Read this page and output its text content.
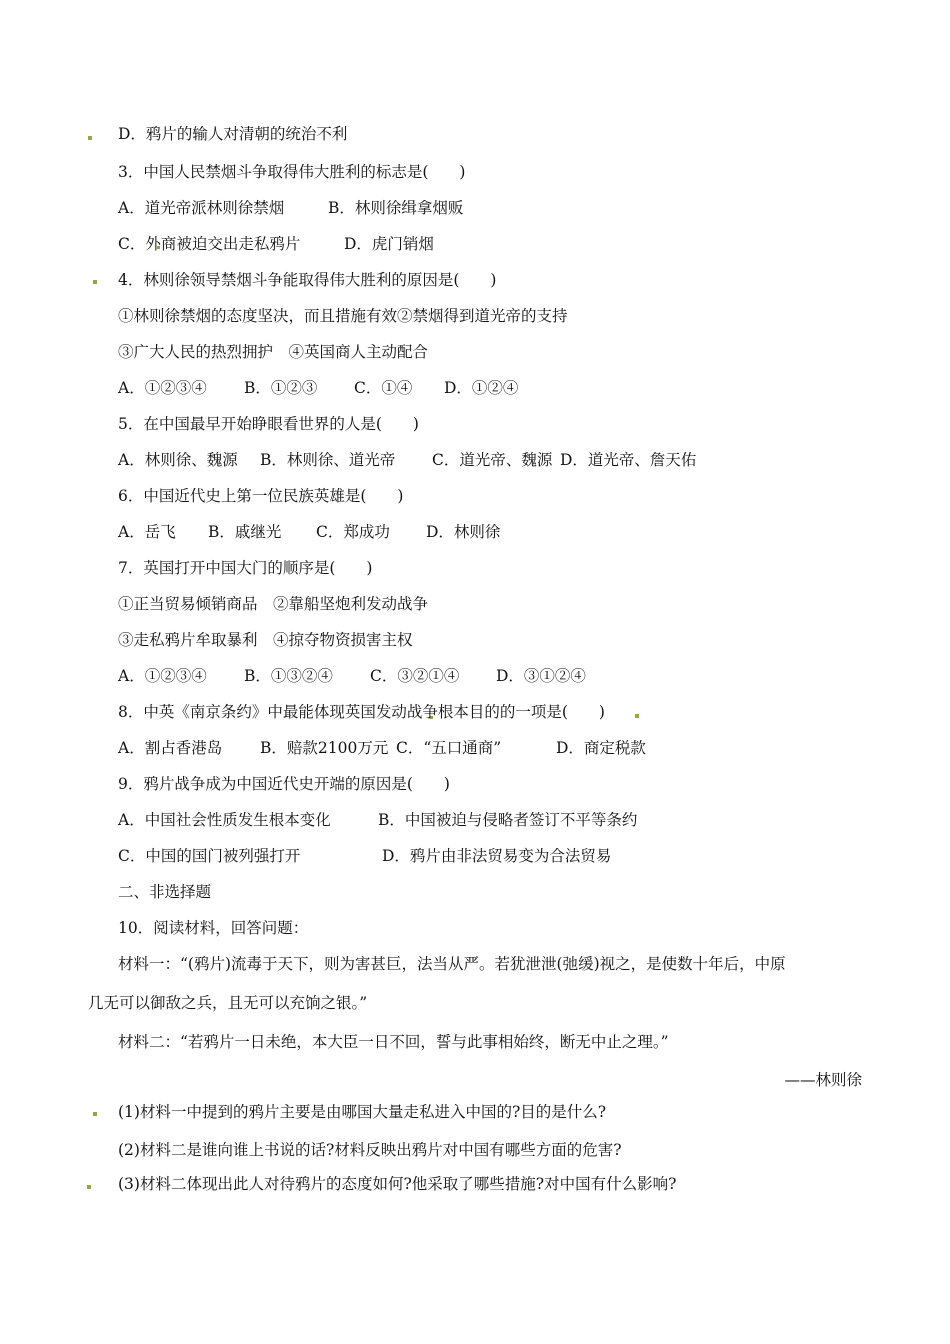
D．鸦片的输人对清朝的统治不利
3．中国人民禁烟斗争取得伟大胜利的标志是(　　)
A．道光帝派林则徐禁烟	B．林则徐缉拿烟贩
C．外商被迫交出走私鸦片	D．虎门销烟
4．林则徐领导禁烟斗争能取得伟大胜利的原因是(　　)
①林则徐禁烟的态度坚决，而且措施有效②禁烟得到道光帝的支持
③广大人民的热烈拥护　④英国商人主动配合
A．①②③④ B．①②③ C．①④ D．①②④
5．在中国最早开始睁眼看世界的人是(　　)
A．林则徐、魏源 B．林则徐、道光帝 C．道光帝、魏源 D．道光帝、詹天佑
6．中国近代史上第一位民族英雄是(　　)
A．岳飞 B．戚继光 C．郑成功 D．林则徐
7．英国打开中国大门的顺序是(　　)
①正当贸易倾销商品　②靠船坚炮利发动战争
③走私鸦片牟取暴利　④掠夺物资损害主权
A．①②③④ B．①③②④ C．③②①④ D．③①②④
8．中英《南京条约》中最能体现英国发动战争根本目的的一项是(　　)
A．割占香港岛 B．赔款2100万元 C．“五口通商”	D．商定税款
9．鸦片战争成为中国近代史开端的原因是(　　)
A．中国社会性质发生根本变化	B．中国被迫与侵略者签订不平等条约
C．中国的国门被列强打开	D．鸦片由非法贸易变为合法贸易
二、非选择题
10．阅读材料，回答问题：
材料一：“(鸦片)流毒于天下，则为害甚巨，法当从严。若犹泄泄(弛缓)视之，是使数十年后，中原
几无可以御敌之兵，且无可以充饷之银。”
材料二：“若鸦片一日未绝，本大臣一日不回，誓与此事相始终，断无中止之理。”
——林则徐
(1)材料一中提到的鸦片主要是由哪国大量走私进入中国的?目的是什么?
(2)材料二是谁向谁上书说的话?材料反映出鸦片对中国有哪些方面的危害?
(3)材料二体现出此人对待鸦片的态度如何?他采取了哪些措施?对中国有什么影响?
